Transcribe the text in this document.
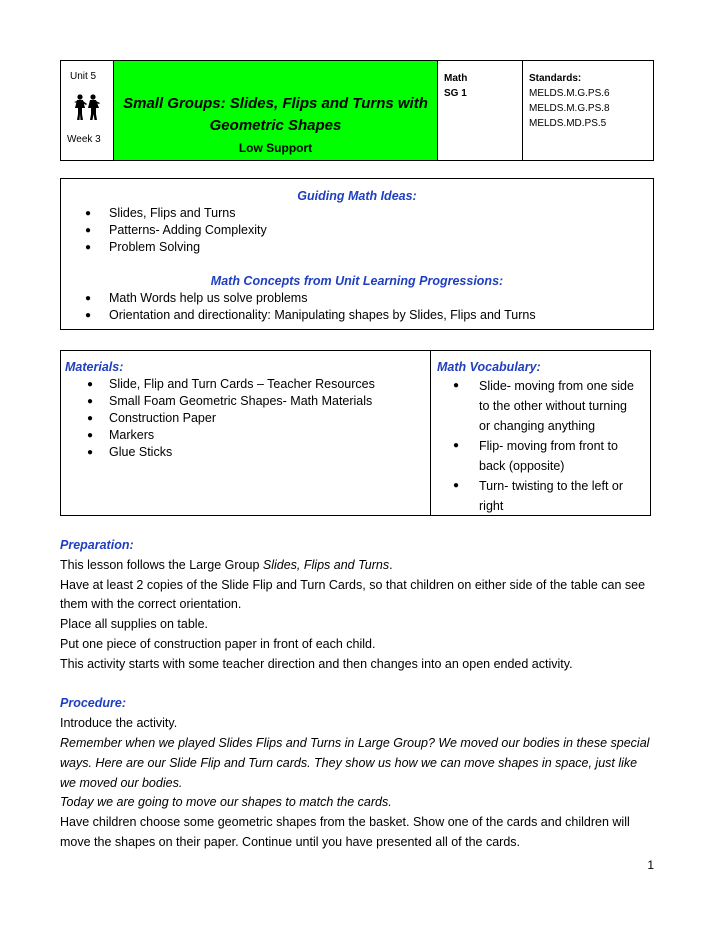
Unit 5
Week 3
Small Groups: Slides, Flips and Turns with
Geometric Shapes
Low Support
Math
SG 1
Standards:
MELDS.M.G.PS.6
MELDS.M.G.PS.8
MELDS.MD.PS.5
Guiding Math Ideas:
● Slides, Flips and Turns
● Patterns- Adding Complexity
● Problem Solving
Math Concepts from Unit Learning Progressions:
● Math Words help us solve problems
● Orientation and directionality: Manipulating shapes by Slides, Flips and Turns
Materials:
● Slide, Flip and Turn Cards – Teacher Resources
● Small Foam Geometric Shapes- Math Materials
● Construction Paper
● Markers
● Glue Sticks
Math Vocabulary:
● Slide- moving from one side
to the other without turning
or changing anything
● Flip- moving from front to
back (opposite)
● Turn- twisting to the left or
right

Preparation:

This lesson follows the Large Group Slides, Flips and Turns.

Have at least 2 copies of the Slide Flip and Turn Cards, so that children on either side of the table can see

them with the correct orientation.

Place all supplies on table.

Put one piece of construction paper in front of each child.

This activity starts with some teacher direction and then changes into an open ended activity.

Procedure:

Introduce the activity.

Remember when we played Slides Flips and Turns in Large Group? We moved our bodies in these special

ways. Here are our Slide Flip and Turn cards. They show us how we can move shapes in space, just like

we moved our bodies.

Today we are going to move our shapes to match the cards.

Have children choose some geometric shapes from the basket. Show one of the cards and children will

move the shapes on their paper. Continue until you have presented all of the cards.

1
